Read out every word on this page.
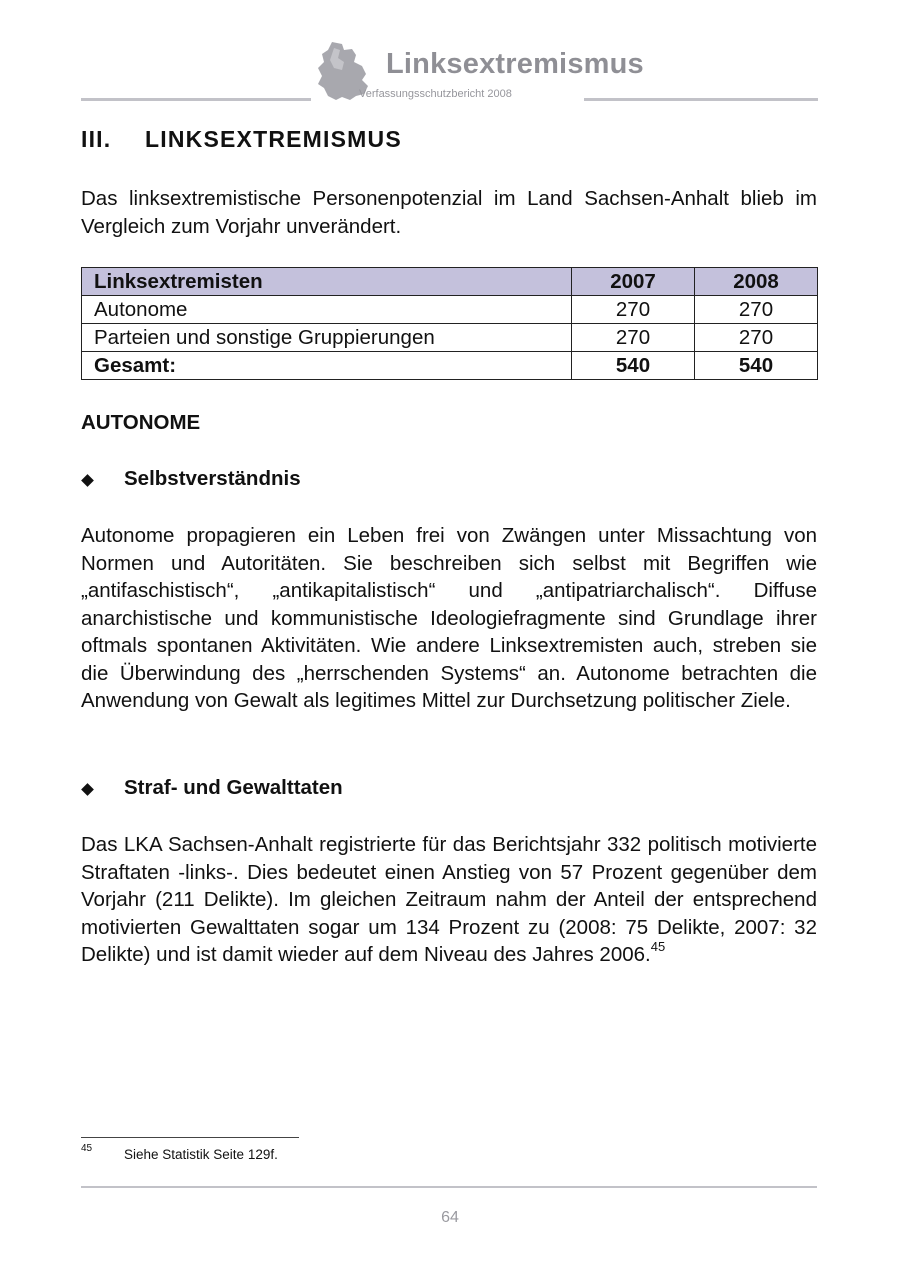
Linksextremismus
Verfassungsschutzbericht 2008
III. LINKSEXTREMISMUS

Das linksextremistische Personenpotenzial im Land Sachsen-Anhalt blieb im Vergleich zum Vorjahr unverändert.

Linksextremisten	2007	2008
Autonome	270	270
Parteien und sonstige Gruppierungen	270	270
Gesamt:	540	540
AUTONOME
Selbstverständnis

Autonome propagieren ein Leben frei von Zwängen unter Missachtung von Normen und Autoritäten. Sie beschreiben sich selbst mit Begriffen wie „antifaschistisch“, „antikapitalistisch“ und „antipatriarchalisch“. Diffuse anarchistische und kommunistische Ideologiefragmente sind Grundlage ihrer oftmals spontanen Aktivitäten. Wie andere Linksextremisten auch, streben sie die Überwindung des „herrschenden Systems“ an. Autonome betrachten die Anwendung von Gewalt als legitimes Mittel zur Durchsetzung politischer Ziele.

Straf- und Gewalttaten

Das LKA Sachsen-Anhalt registrierte für das Berichtsjahr 332 politisch motivierte Straftaten -links-. Dies bedeutet einen Anstieg von 57 Prozent gegenüber dem Vorjahr (211 Delikte). Im gleichen Zeitraum nahm der Anteil der entsprechend motivierten Gewalttaten sogar um 134 Prozent zu (2008: 75 Delikte, 2007: 32 Delikte) und ist damit wieder auf dem Niveau des Jahres 2006.45

45 Siehe Statistik Seite 129f.
64
